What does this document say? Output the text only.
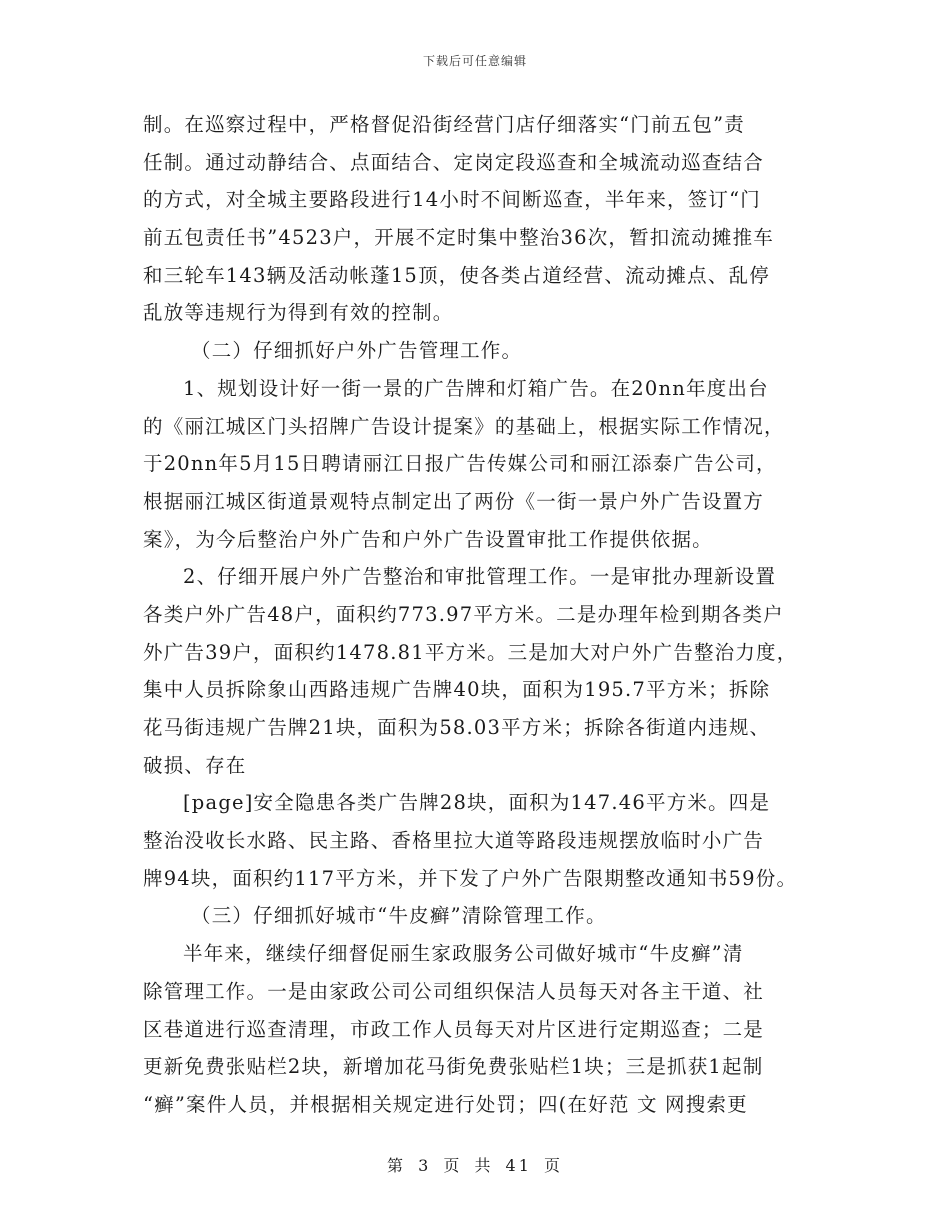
下载后可任意编辑
制。在巡察过程中，严格督促沿街经营门店仔细落实“门前五包”责
任制。通过动静结合、点面结合、定岗定段巡查和全城流动巡查结合
的方式，对全城主要路段进行14小时不间断巡查，半年来，签订“门
前五包责任书”4523户，开展不定时集中整治36次，暂扣流动摊推车
和三轮车143辆及活动帐蓬15顶，使各类占道经营、流动摊点、乱停
乱放等违规行为得到有效的控制。
（二）仔细抓好户外广告管理工作。
1、规划设计好一街一景的广告牌和灯箱广告。在20nn年度出台
的《丽江城区门头招牌广告设计提案》的基础上，根据实际工作情况，
于20nn年5月15日聘请丽江日报广告传媒公司和丽江添泰广告公司，
根据丽江城区街道景观特点制定出了两份《一街一景户外广告设置方
案》，为今后整治户外广告和户外广告设置审批工作提供依据。
2、仔细开展户外广告整治和审批管理工作。一是审批办理新设置
各类户外广告48户，面积约773.97平方米。二是办理年检到期各类户
外广告39户，面积约1478.81平方米。三是加大对户外广告整治力度，
集中人员拆除象山西路违规广告牌40块，面积为195.7平方米；拆除
花马街违规广告牌21块，面积为58.03平方米；拆除各街道内违规、
破损、存在
[page]安全隐患各类广告牌28块，面积为147.46平方米。四是
整治没收长水路、民主路、香格里拉大道等路段违规摆放临时小广告
牌94块，面积约117平方米，并下发了户外广告限期整改通知书59份。
（三）仔细抓好城市“牛皮癣”清除管理工作。
半年来，继续仔细督促丽生家政服务公司做好城市“牛皮癣”清
除管理工作。一是由家政公司公司组织保洁人员每天对各主干道、社
区巷道进行巡查清理，市政工作人员每天对片区进行定期巡查；二是
更新免费张贴栏2块，新增加花马街免费张贴栏1块；三是抓获1起制
“癣”案件人员，并根据相关规定进行处罚；四(在好范 文 网搜索更
第 3 页 共 41 页
